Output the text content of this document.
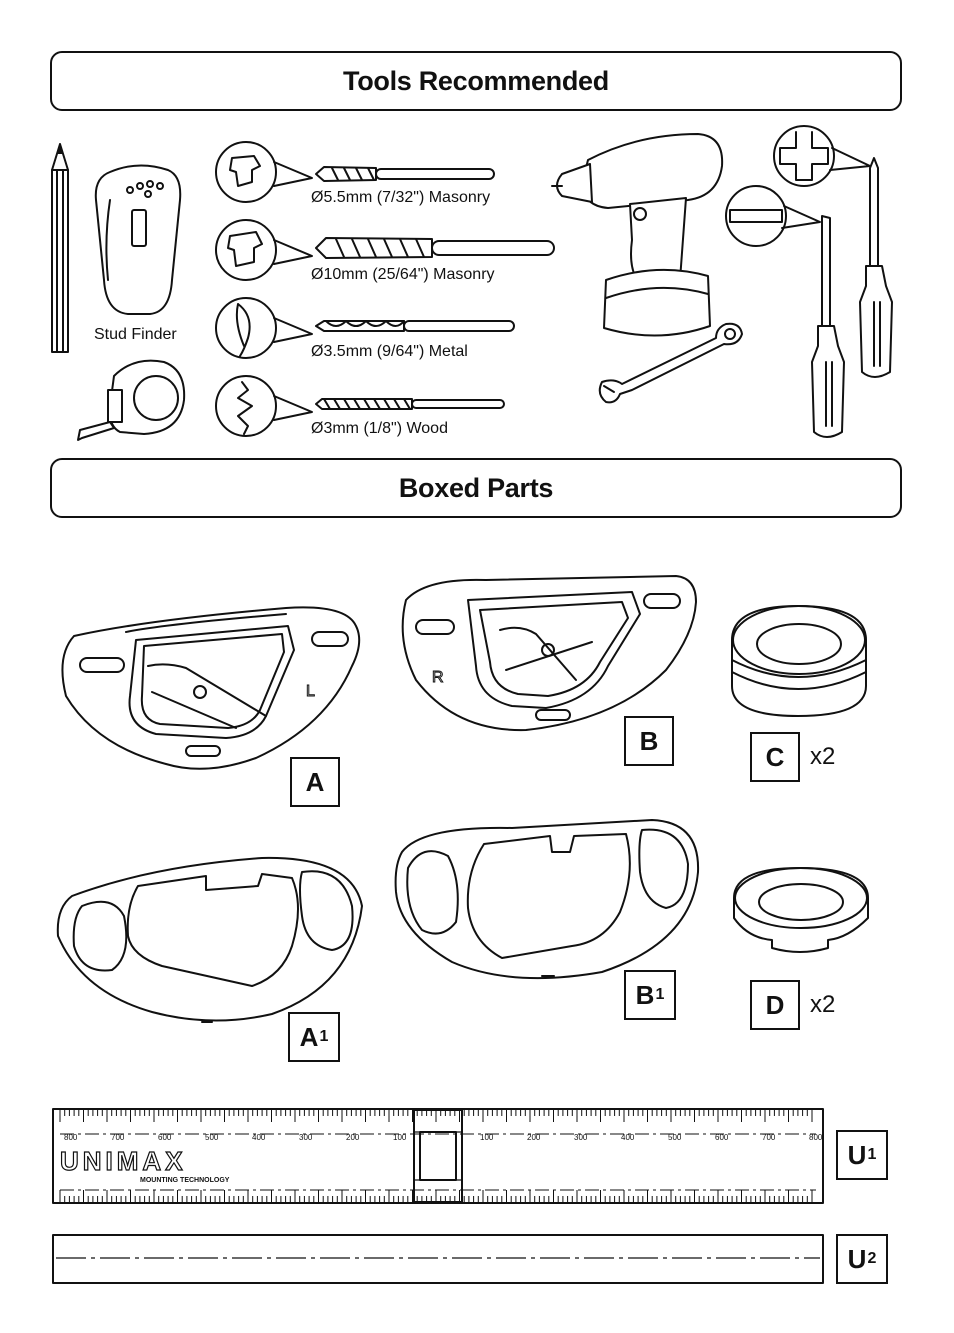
Tools Recommended
Boxed Parts
Stud Finder
Ø5.5mm (7/32") Masonry
Ø10mm (25/64") Masonry
Ø3.5mm (9/64") Metal
Ø3mm (1/8") Wood
L
A
R
B
C x2
A 1
B 1	D x2
800	700	600	500	400	300	200	100	100	200	300	400	500	600	700	800
UNIMAX
MOUNTING TECHNOLOGY
U 1
U 2
